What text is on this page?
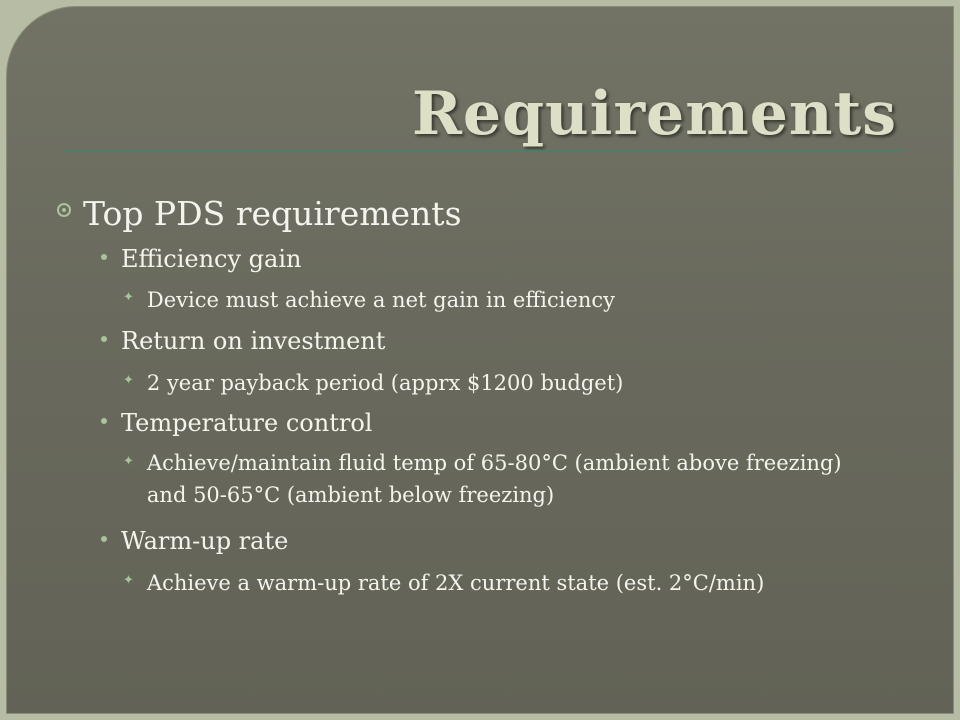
Requirements
Top PDS requirements
Efficiency gain
✦ Device must achieve a net gain in efficiency
Return on investment
✦ 2 year payback period (apprx $1200 budget)
Temperature control
✦ Achieve/maintain fluid temp of 65-80°C (ambient above freezing) and 50-65°C (ambient below freezing)
Warm-up rate
✦ Achieve a warm-up rate of 2X current state (est. 2°C/min)
